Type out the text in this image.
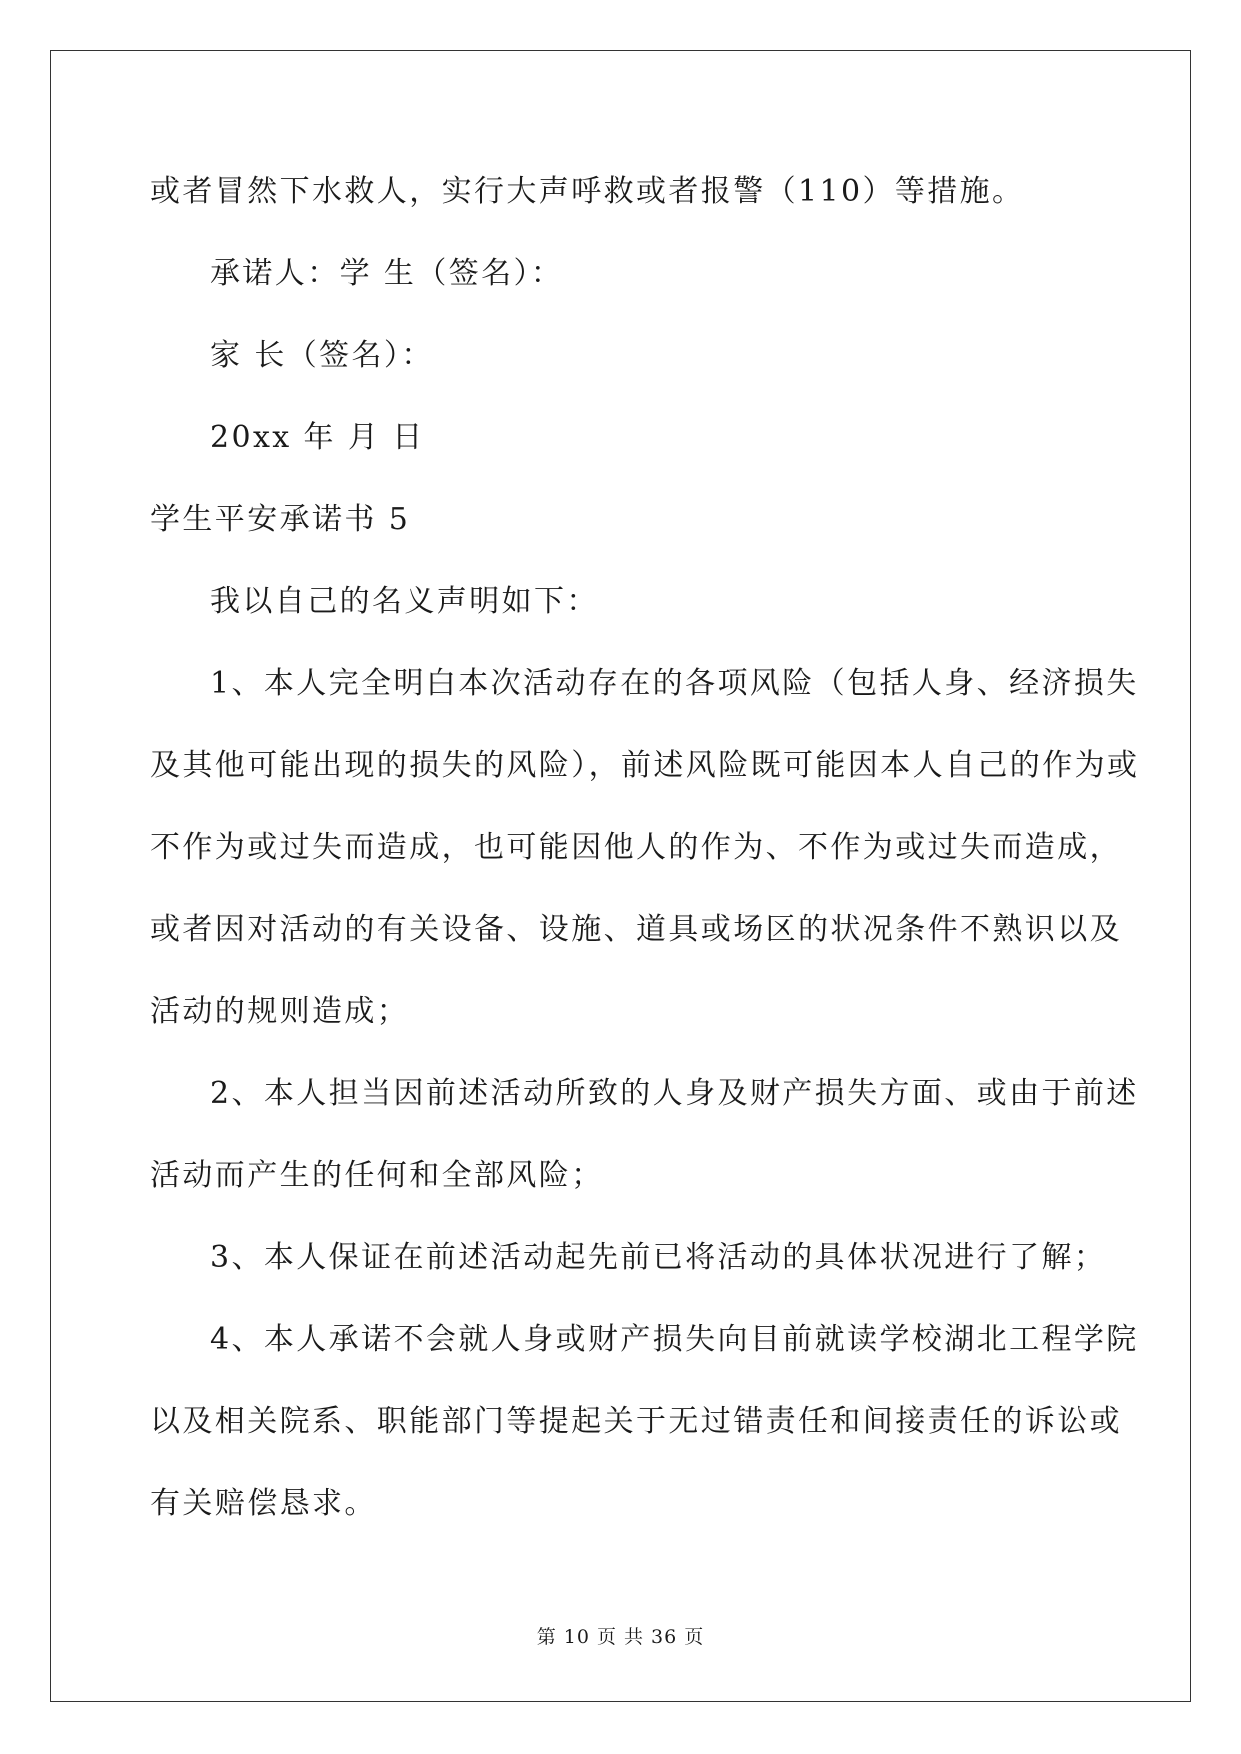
或者冒然下水救人，实行大声呼救或者报警（110）等措施。

承诺人：学 生（签名）：

家 长（签名）：

20xx 年 月 日

学生平安承诺书 5

我以自己的名义声明如下：

1、本人完全明白本次活动存在的各项风险（包括人身、经济损失

及其他可能出现的损失的风险），前述风险既可能因本人自己的作为或

不作为或过失而造成，也可能因他人的作为、不作为或过失而造成，

或者因对活动的有关设备、设施、道具或场区的状况条件不熟识以及

活动的规则造成；

2、本人担当因前述活动所致的人身及财产损失方面、或由于前述

活动而产生的任何和全部风险；

3、本人保证在前述活动起先前已将活动的具体状况进行了解；

4、本人承诺不会就人身或财产损失向目前就读学校湖北工程学院

以及相关院系、职能部门等提起关于无过错责任和间接责任的诉讼或

有关赔偿恳求。

第 10 页 共 36 页
